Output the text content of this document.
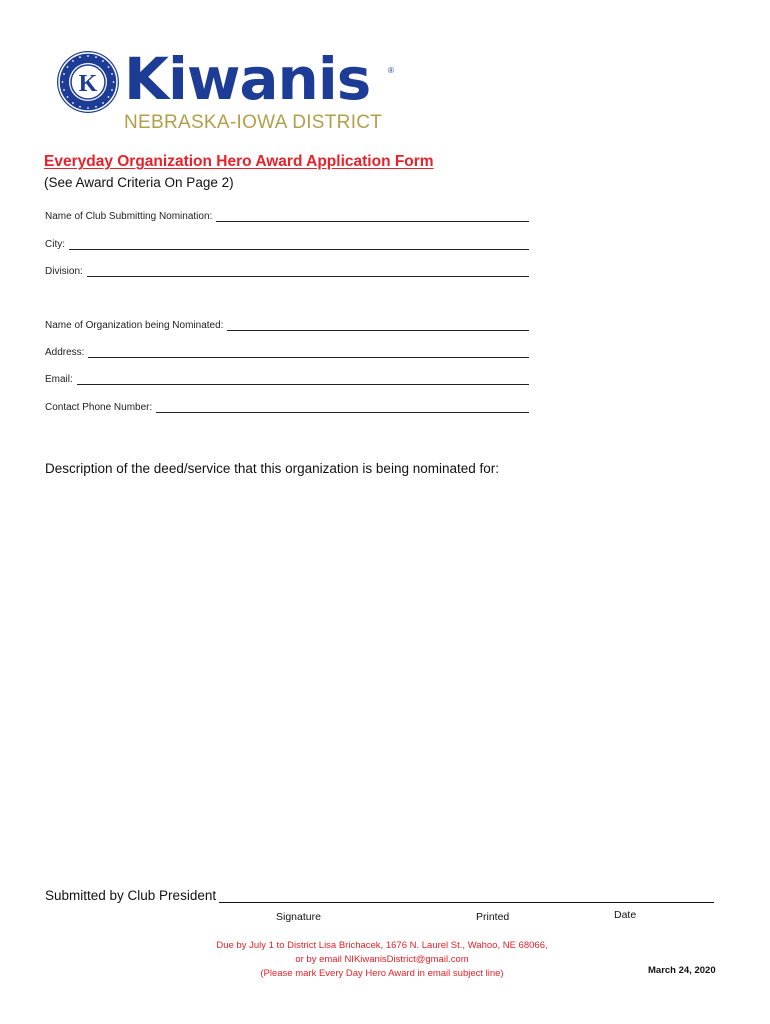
K Kiwanis ®
NEBRASKA-IOWA DISTRICT
Everyday Organization Hero Award Application Form
(See Award Criteria On Page 2)
Name of Club Submitting Nomination:
City:
Division:
Name of Organization being Nominated:
Address:
Email:
Contact Phone Number:
Description of the deed/service that this organization is being nominated for:
Submitted by Club President
Signature	Printed	Date
Due by July 1 to District Lisa Brichacek, 1676 N. Laurel St., Wahoo, NE 68066,
or by email NIKiwanisDistrict@gmail.com
(Please mark Every Day Hero Award in email subject line)	March 24, 2020
